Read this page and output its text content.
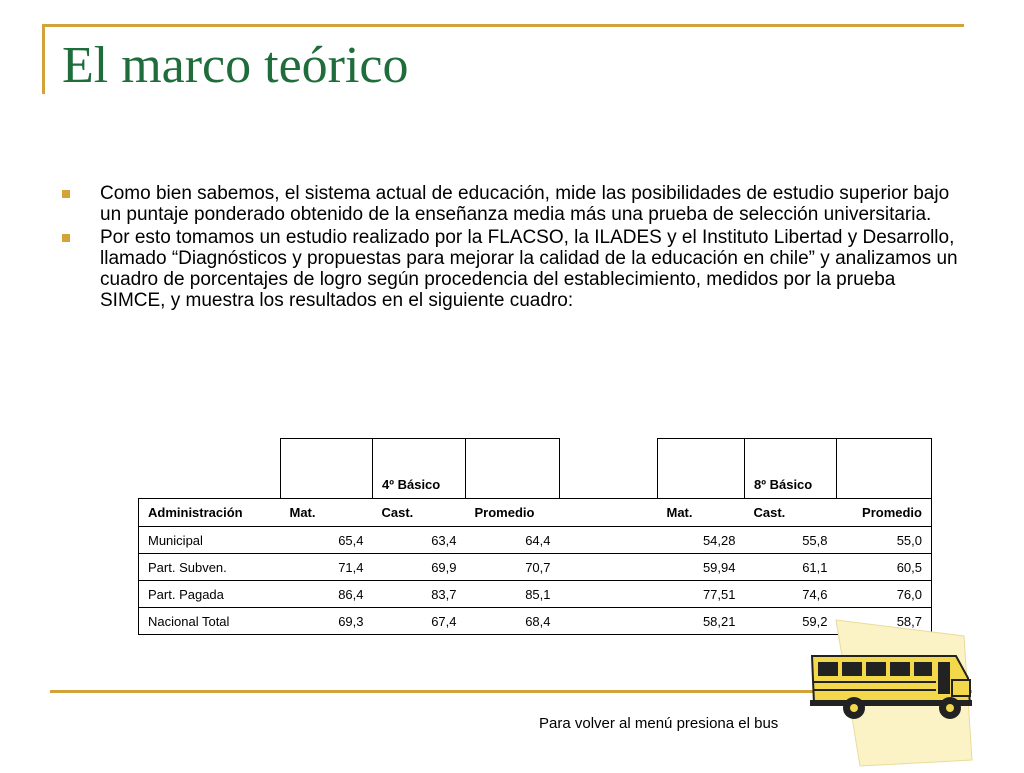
El marco teórico
Como bien sabemos, el sistema actual de educación, mide las posibilidades de estudio superior bajo un puntaje ponderado obtenido de la enseñanza media más una prueba de selección universitaria.
Por esto tomamos un estudio realizado por la FLACSO, la ILADES y el Instituto Libertad y Desarrollo, llamado “Diagnósticos y propuestas para mejorar la calidad de la educación en chile” y analizamos un cuadro de porcentajes de logro según procedencia del establecimiento, medidos por la prueba SIMCE, y muestra los resultados en el siguiente cuadro:
		4º Básico				8º Básico	
Administración	Mat.	Cast.	Promedio		Mat.	Cast.	Promedio
Municipal	65,4	63,4	64,4		54,28	55,8	55,0
Part. Subven.	71,4	69,9	70,7		59,94	61,1	60,5
Part. Pagada	86,4	83,7	85,1		77,51	74,6	76,0
Nacional Total	69,3	67,4	68,4		58,21	59,2	58,7
Para volver al menú presiona el bus
